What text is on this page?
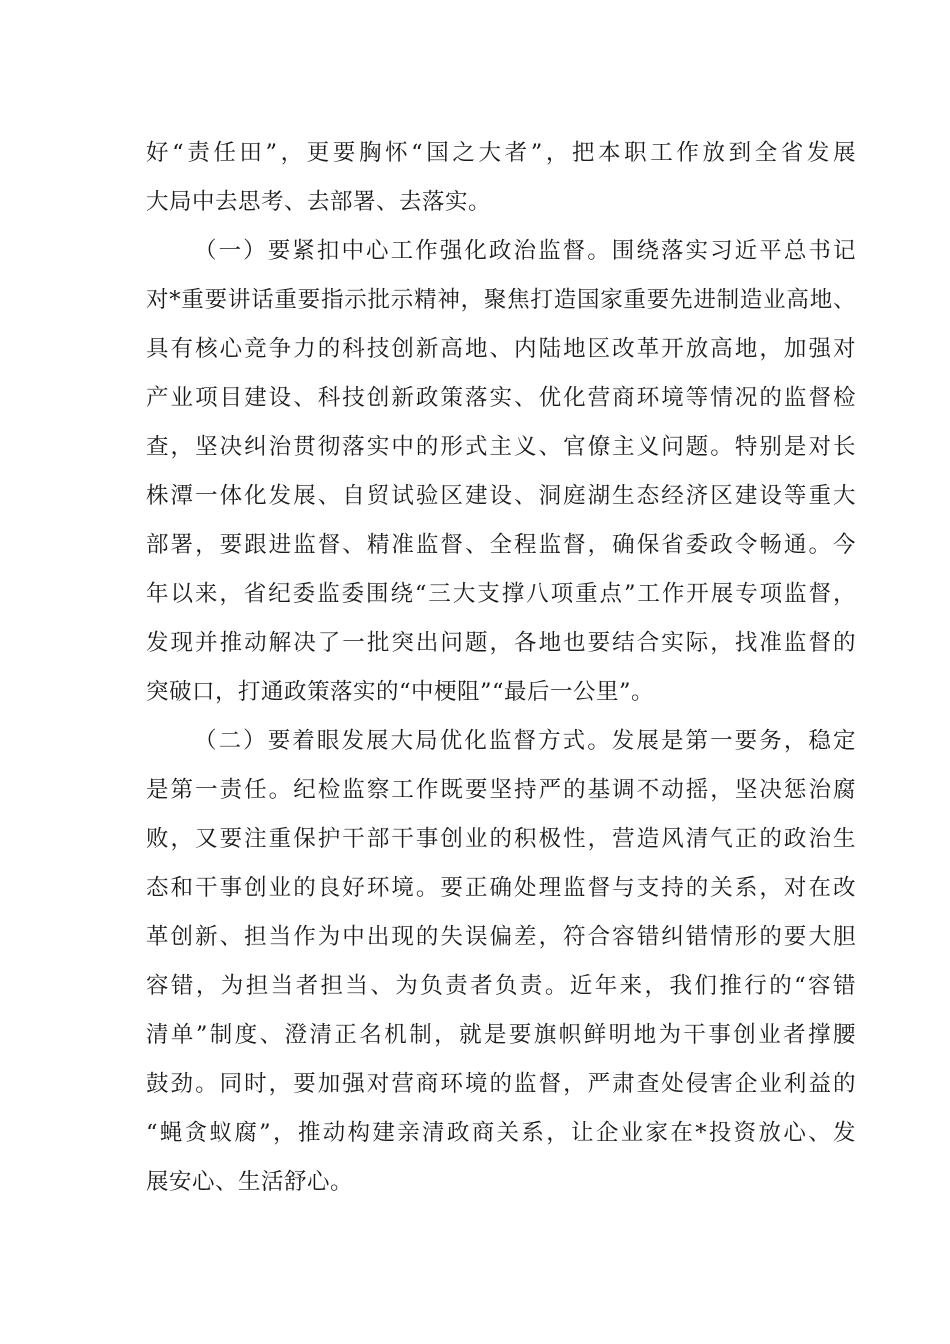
好“责任田”，更要胸怀“国之大者”，把本职工作放到全省发展

大局中去思考、去部署、去落实。

（一）要紧扣中心工作强化政治监督。围绕落实习近平总书记

对*重要讲话重要指示批示精神，聚焦打造国家重要先进制造业高地、

具有核心竞争力的科技创新高地、内陆地区改革开放高地，加强对

产业项目建设、科技创新政策落实、优化营商环境等情况的监督检

查，坚决纠治贯彻落实中的形式主义、官僚主义问题。特别是对长

株潭一体化发展、自贸试验区建设、洞庭湖生态经济区建设等重大

部署，要跟进监督、精准监督、全程监督，确保省委政令畅通。今

年以来，省纪委监委围绕“三大支撑八项重点”工作开展专项监督，

发现并推动解决了一批突出问题，各地也要结合实际，找准监督的

突破口，打通政策落实的“中梗阻”“最后一公里”。

（二）要着眼发展大局优化监督方式。发展是第一要务，稳定

是第一责任。纪检监察工作既要坚持严的基调不动摇，坚决惩治腐

败，又要注重保护干部干事创业的积极性，营造风清气正的政治生

态和干事创业的良好环境。要正确处理监督与支持的关系，对在改

革创新、担当作为中出现的失误偏差，符合容错纠错情形的要大胆

容错，为担当者担当、为负责者负责。近年来，我们推行的“容错

清单”制度、澄清正名机制，就是要旗帜鲜明地为干事创业者撑腰

鼓劲。同时，要加强对营商环境的监督，严肃查处侵害企业利益的

“蝇贪蚁腐”，推动构建亲清政商关系，让企业家在*投资放心、发

展安心、生活舒心。
